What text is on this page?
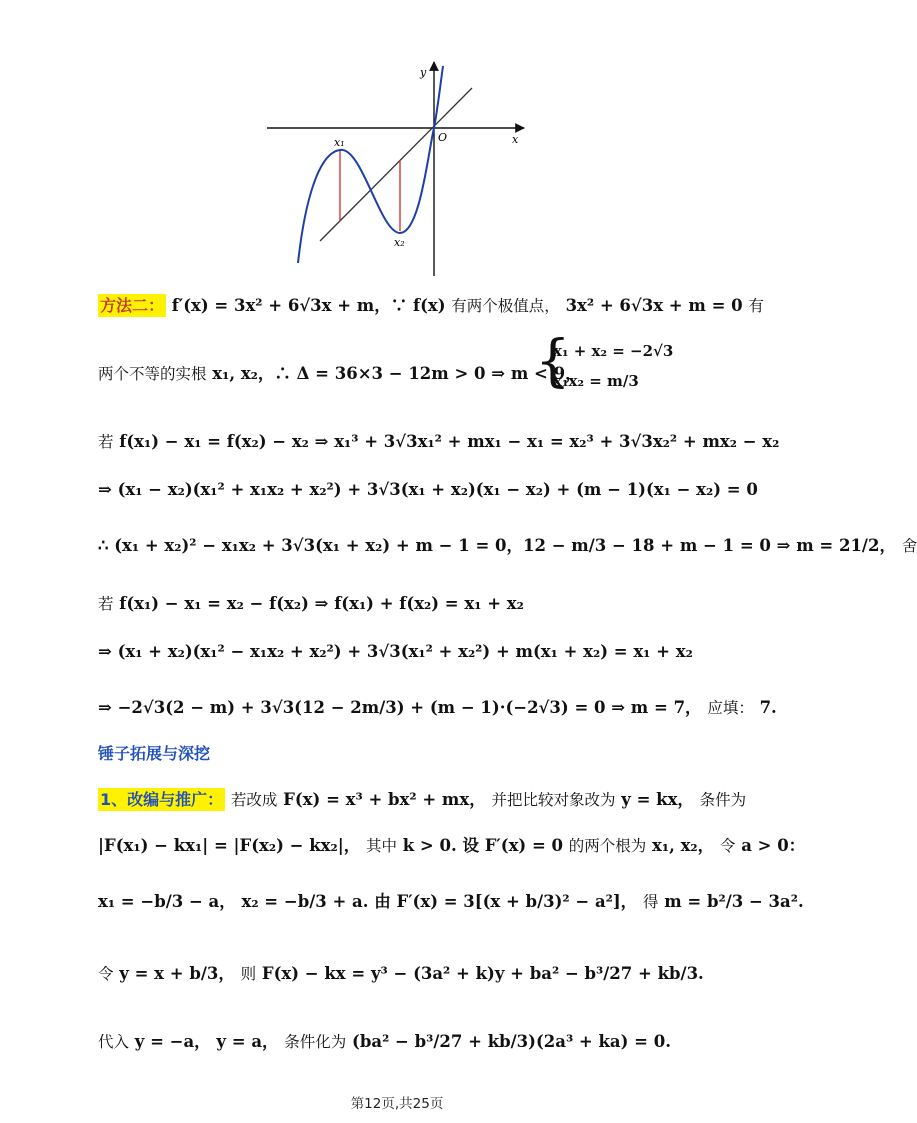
y
x
O
x₁
x₂
方法二： f′(x) = 3x² + 6√3x + m，∵ f(x) 有两个极值点， 3x² + 6√3x + m = 0 有
两个不等的实根 x₁, x₂，∴ Δ = 36×3 − 12m > 0 ⇒ m < 9，
{
x₁ + x₂ = −2√3
x₁x₂ = m/3
若 f(x₁) − x₁ = f(x₂) − x₂ ⇒ x₁³ + 3√3x₁² + mx₁ − x₁ = x₂³ + 3√3x₂² + mx₂ − x₂
⇒ (x₁ − x₂)(x₁² + x₁x₂ + x₂²) + 3√3(x₁ + x₂)(x₁ − x₂) + (m − 1)(x₁ − x₂) = 0
∴ (x₁ + x₂)² − x₁x₂ + 3√3(x₁ + x₂) + m − 1 = 0，12 − m/3 − 18 + m − 1 = 0 ⇒ m = 21/2， 舍
若 f(x₁) − x₁ = x₂ − f(x₂) ⇒ f(x₁) + f(x₂) = x₁ + x₂
⇒ (x₁ + x₂)(x₁² − x₁x₂ + x₂²) + 3√3(x₁² + x₂²) + m(x₁ + x₂) = x₁ + x₂
⇒ −2√3(2 − m) + 3√3(12 − 2m/3) + (m − 1)·(−2√3) = 0 ⇒ m = 7， 应填： 7.
锤子拓展与深挖
1、改编与推广： 若改成 F(x) = x³ + bx² + mx， 并把比较对象改为 y = kx， 条件为
|F(x₁) − kx₁| = |F(x₂) − kx₂|， 其中 k > 0. 设 F′(x) = 0 的两个根为 x₁, x₂， 令 a > 0：
x₁ = −b/3 − a， x₂ = −b/3 + a. 由 F′(x) = 3[(x + b/3)² − a²]， 得 m = b²/3 − 3a².
令 y = x + b/3， 则 F(x) − kx = y³ − (3a² + k)y + ba² − b³/27 + kb/3.
代入 y = −a， y = a， 条件化为 (ba² − b³/27 + kb/3)(2a³ + ka) = 0.
第12页,共25页
